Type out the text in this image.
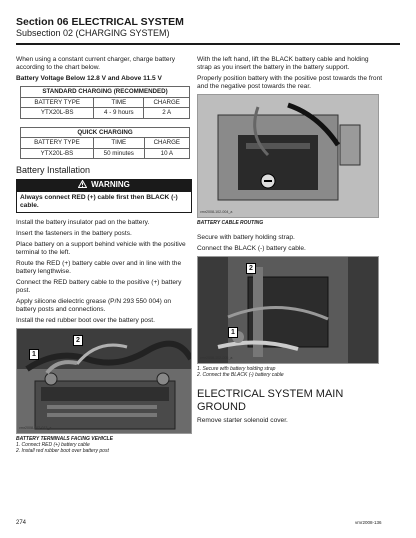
Section 06 ELECTRICAL SYSTEM
Subsection 02 (CHARGING SYSTEM)

When using a constant current charger, charge battery according to the chart below.

Battery Voltage Below 12.8 V and Above 11.5 V

STANDARD CHARGING (RECOMMENDED)		
BATTERY TYPE	TIME	CHARGE
YTX20L-BS	4 - 9 hours	2 A
QUICK CHARGING		
BATTERY TYPE	TIME	CHARGE
YTX20L-BS	50 minutes	10 A
Battery Installation
WARNING
Always connect RED (+) cable first then BLACK (-) cable.

Install the battery insulator pad on the battery.

Insert the fasteners in the battery posts.

Place battery on a support behind vehicle with the positive terminal to the left.

Route the RED (+) battery cable over and in line with the battery lengthwise.

Connect the RED battery cable to the positive (+) battery post.

Apply silicone dielectric grease (P/N 293 550 004) on battery posts and connections.

Install the red rubber boot over the battery post.

1
2
vmr2008-102-013_a
BATTERY TERMINALS FACING VEHICLE
1. Connect RED (+) battery cable
2. Install red rubber boot over battery post

With the left hand, lift the BLACK battery cable and holding strap as you insert the battery in the battery support.

Properly position battery with the positive post towards the front and the negative post towards the rear.

vmr2008-102-004_a
BATTERY CABLE ROUTING

Secure with battery holding strap.

Connect the BLACK (-) battery cable.

2
1
vmr2008-102-005_a
1. Secure with battery holding strap
2. Connect the BLACK (-) battery cable
ELECTRICAL SYSTEM MAIN GROUND

Remove starter solenoid cover.

274	vmr2008-136
